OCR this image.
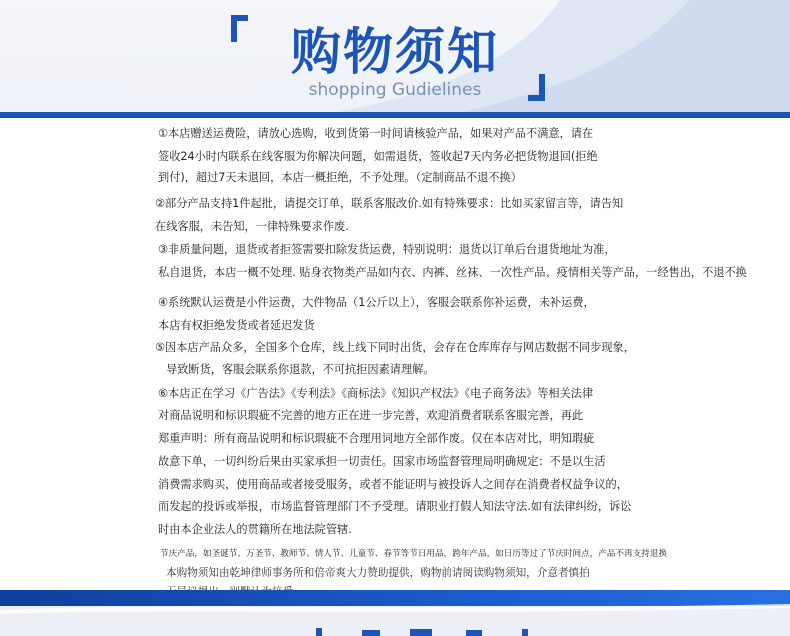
购物须知
shopping Gudielines
①本店赠送运费险，请放心选购，收到货第一时间请核验产品，如果对产品不满意，请在
签收24小时内联系在线客服为你解决问题，如需退货，签收起7天内务必把货物退回(拒绝
到付)，超过7天未退回，本店一概拒绝，不予处理。（定制商品不退不换）
②部分产品支持1件起批，请提交订单，联系客服改价.如有特殊要求：比如买家留言等，请告知
在线客服，未告知，一律特殊要求作废.
③非质量问题，退货或者拒签需要扣除发货运费，特别说明：退货以订单后台退货地址为准，
私自退货，本店一概不处理. 贴身衣物类产品如内衣、内裤、丝袜、一次性产品、疫情相关等产品，一经售出，不退不换
④系统默认运费是小件运费，大件物品（1公斤以上），客服会联系你补运费，未补运费，
本店有权拒绝发货或者延迟发货
⑤因本店产品众多，全国多个仓库，线上线下同时出货，会存在仓库库存与网店数据不同步现象，
导致断货，客服会联系你退款，不可抗拒因素请理解。
⑥本店正在学习《广告法》《专利法》《商标法》《知识产权法》《电子商务法》等相关法律
对商品说明和标识瑕疵不完善的地方正在进一步完善，欢迎消费者联系客服完善，再此
郑重声明：所有商品说明和标识瑕疵不合理用词地方全部作废。仅在本店对比，明知瑕疵
故意下单，一切纠纷后果由买家承担一切责任。国家市场监督管理局明确规定：不是以生活
消费需求购买，使用商品或者接受服务，或者不能证明与被投诉人之间存在消费者权益争议的，
而发起的投诉或举报，市场监督管理部门不予受理。请职业打假人知法守法.如有法律纠纷，诉讼
时由本企业法人的贯籍所在地法院管辖.
节庆产品，如圣诞节、万圣节、教师节、情人节、儿童节、春节等节日用品，跨年产品，如日历等过了节庆时间点，产品不再支持退换
本购物须知由乾坤律师事务所和倍帝爽大力赞助提供，购物前请阅读购物须知，介意者慎拍
